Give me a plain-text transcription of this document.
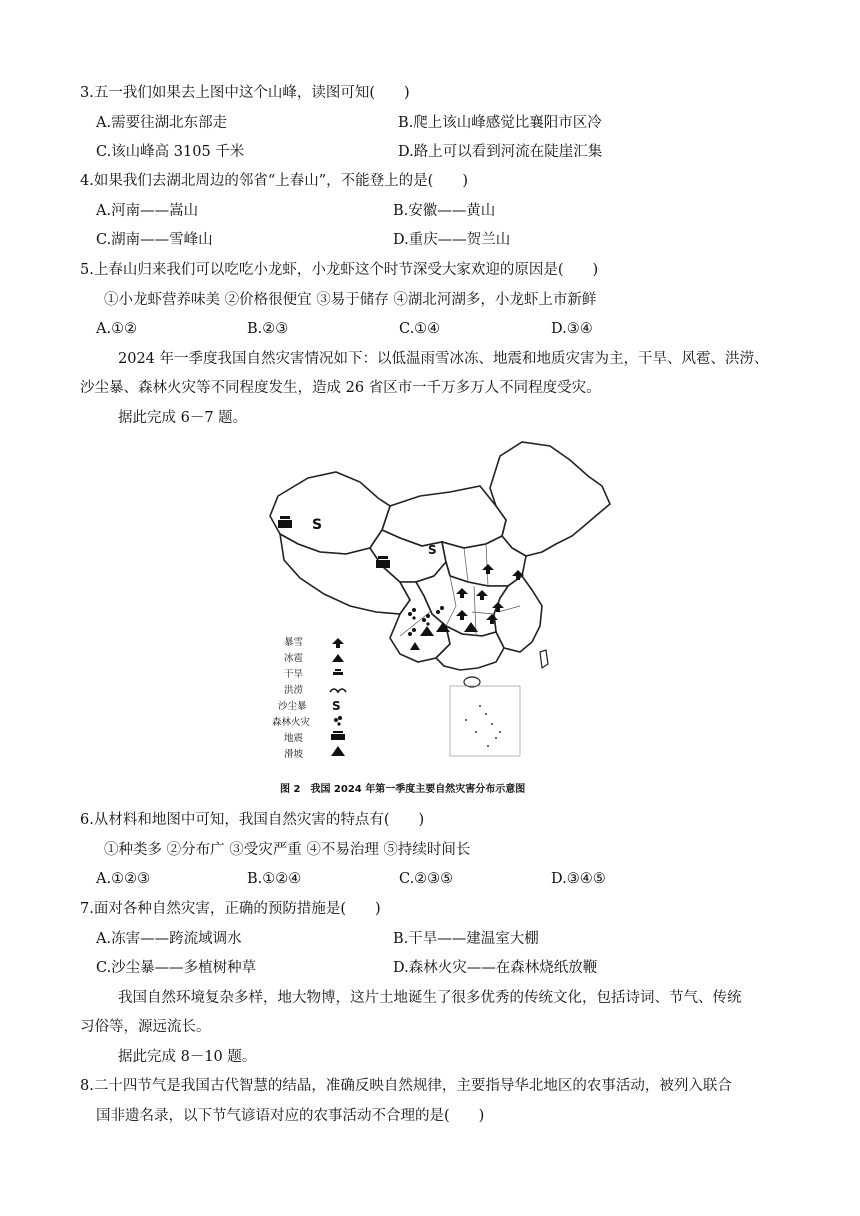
3.五一我们如果去上图中这个山峰，读图可知(　　)
A.需要往湖北东部走	B.爬上该山峰感觉比襄阳市区冷
C.该山峰高 3105 千米	D.路上可以看到河流在陡崖汇集
4.如果我们去湖北周边的邻省“上春山”，不能登上的是(　　)
A.河南——嵩山	B.安徽——黄山
C.湖南——雪峰山	D.重庆——贺兰山
5.上春山归来我们可以吃吃小龙虾，小龙虾这个时节深受大家欢迎的原因是(　　)
①小龙虾营养味美 ②价格很便宜 ③易于储存 ④湖北河湖多，小龙虾上市新鲜
A.①②	B.②③	C.①④	D.③④
2024 年一季度我国自然灾害情况如下：以低温雨雪冰冻、地震和地质灾害为主，干旱、风雹、洪涝、
沙尘暴、森林火灾等不同程度发生，造成 26 省区市一千万多万人不同程度受灾。
据此完成 6－7 题。
S
S
暴雪
冰雹
干旱
洪涝
沙尘暴
森林火灾
地震
滑坡
S
图 2　我国 2024 年第一季度主要自然灾害分布示意图
6.从材料和地图中可知，我国自然灾害的特点有(　　)
①种类多 ②分布广 ③受灾严重 ④不易治理 ⑤持续时间长
A.①②③	B.①②④	C.②③⑤	D.③④⑤
7.面对各种自然灾害，正确的预防措施是(　　)
A.冻害——跨流域调水	B.干旱——建温室大棚
C.沙尘暴——多植树种草	D.森林火灾——在森林烧纸放鞭
我国自然环境复杂多样，地大物博，这片土地诞生了很多优秀的传统文化，包括诗词、节气、传统
习俗等，源远流长。
据此完成 8－10 题。
8.二十四节气是我国古代智慧的结晶，准确反映自然规律，主要指导华北地区的农事活动，被列入联合
国非遗名录，以下节气谚语对应的农事活动不合理的是(　　)
